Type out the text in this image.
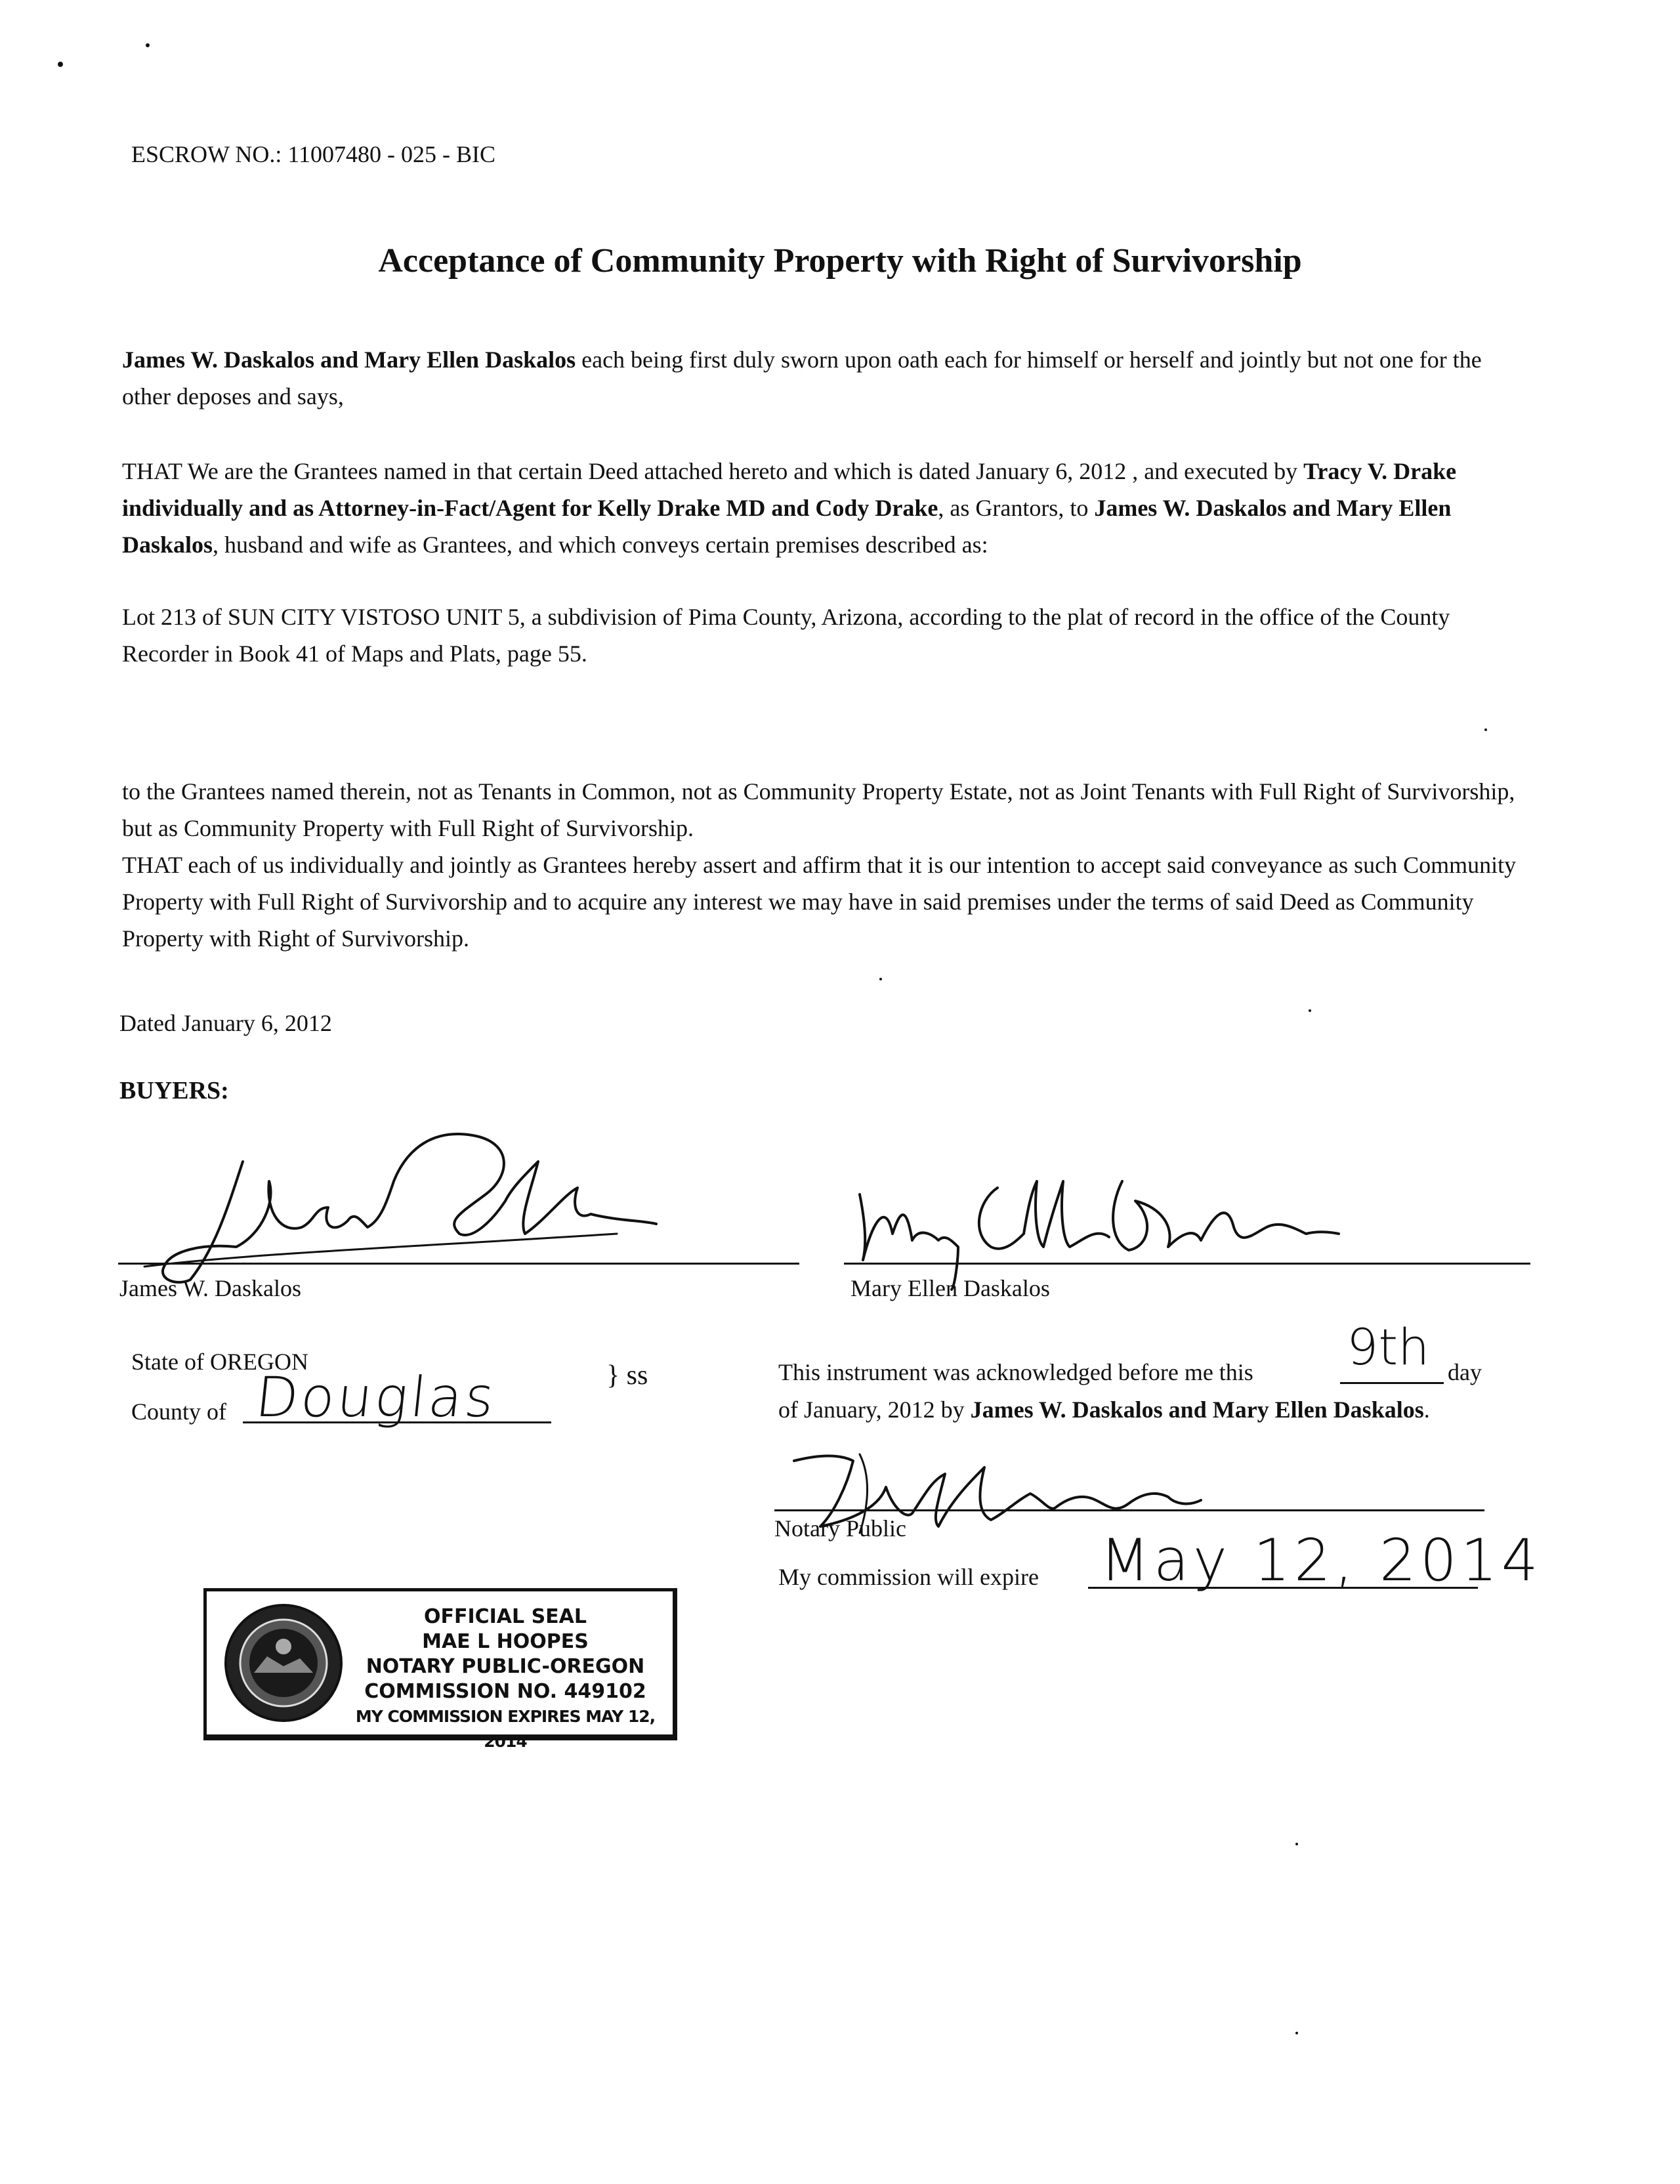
ESCROW NO.: 11007480 - 025 - BIC
Acceptance of Community Property with Right of Survivorship
James W. Daskalos and Mary Ellen Daskalos each being first duly sworn upon oath each for himself or herself and jointly but not one for the other deposes and says,
THAT We are the Grantees named in that certain Deed attached hereto and which is dated January 6, 2012 , and executed by Tracy V. Drake individually and as Attorney-in-Fact/Agent for Kelly Drake MD and Cody Drake, as Grantors, to James W. Daskalos and Mary Ellen Daskalos, husband and wife as Grantees, and which conveys certain premises described as:
Lot 213 of SUN CITY VISTOSO UNIT 5, a subdivision of Pima County, Arizona, according to the plat of record in the office of the County Recorder in Book 41 of Maps and Plats, page 55.
to the Grantees named therein, not as Tenants in Common, not as Community Property Estate, not as Joint Tenants with Full Right of Survivorship, but as Community Property with Full Right of Survivorship.
THAT each of us individually and jointly as Grantees hereby assert and affirm that it is our intention to accept said conveyance as such Community Property with Full Right of Survivorship and to acquire any interest we may have in said premises under the terms of said Deed as Community Property with Right of Survivorship.
Dated January 6, 2012
BUYERS:
James W. Daskalos	Mary Ellen Daskalos
State of OREGON
County of Douglas	} ss	This instrument was acknowledged before me this	9th day
of January, 2012 by James W. Daskalos and Mary Ellen Daskalos.
Notary Public
My commission will expire May 12, 2014
OFFICIAL SEAL
MAE L HOOPES
NOTARY PUBLIC-OREGON
COMMISSION NO. 449102
MY COMMISSION EXPIRES MAY 12, 2014
